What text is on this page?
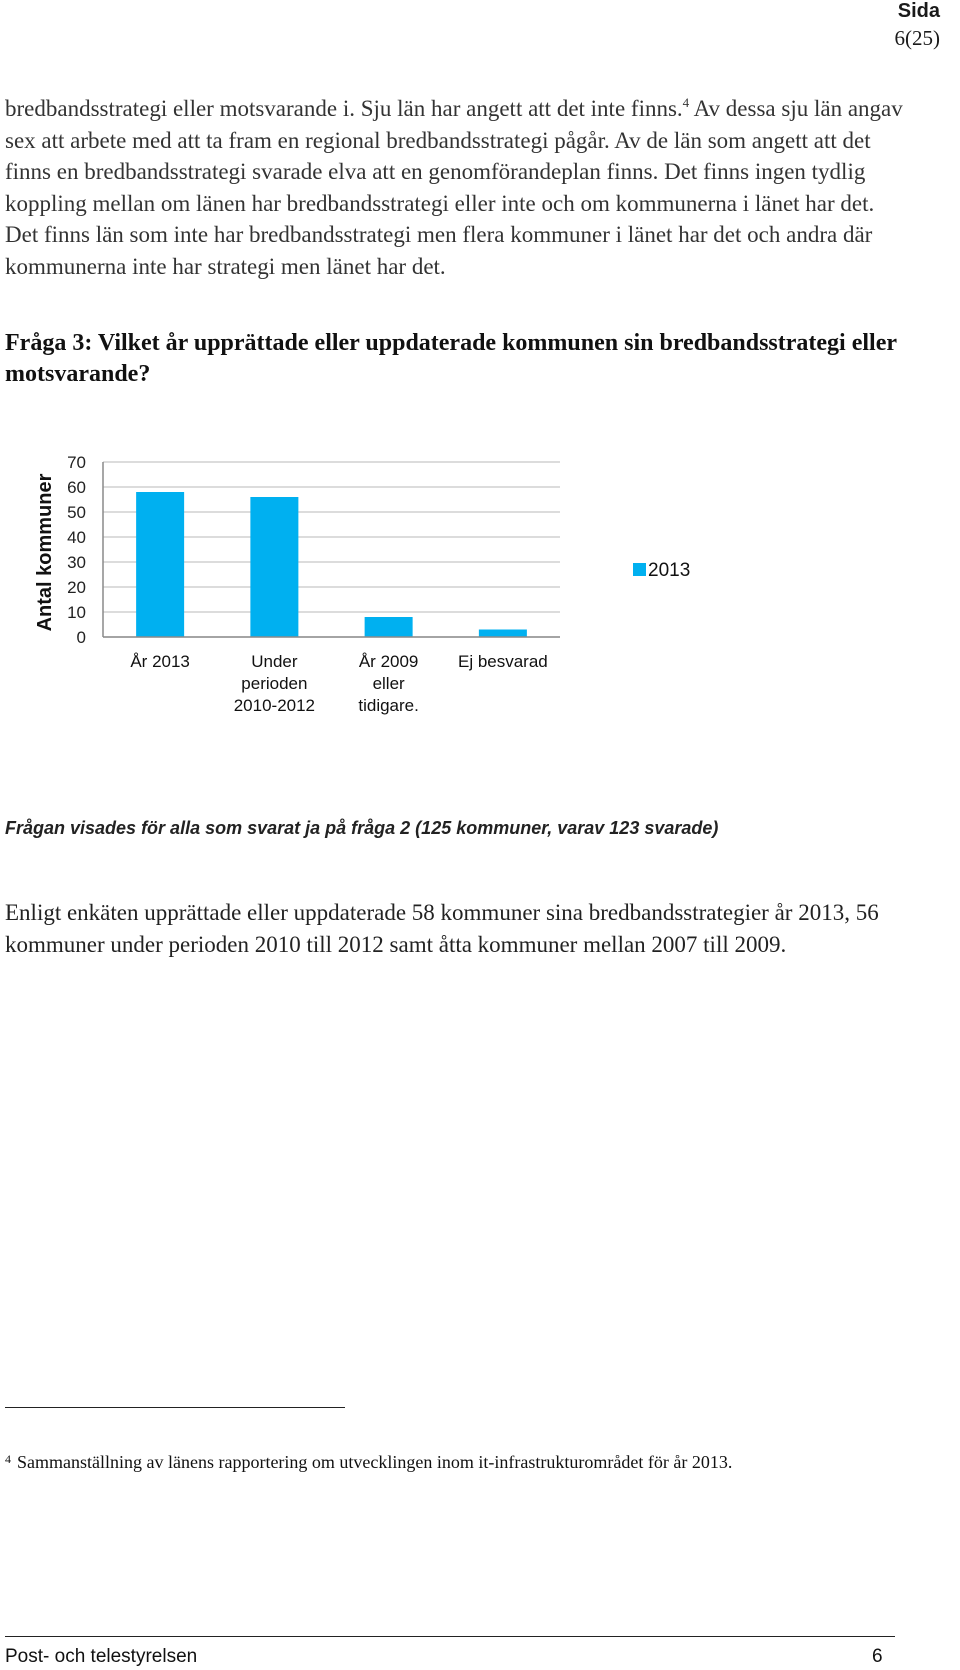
Sida
6(25)

bredbandsstrategi eller motsvarande i. Sju län har angett att det inte finns.$^4$ Av dessa sju län angav sex att arbete med att ta fram en regional bredbandsstrategi pågår. Av de län som angett att det finns en bredbandsstrategi svarade elva att en genomförandeplan finns. Det finns ingen tydlig koppling mellan om länen har bredbandsstrategi eller inte och om kommunerna i länet har det. Det finns län som inte har bredbandsstrategi men flera kommuner i länet har det och andra där kommunerna inte har strategi men länet har det.

Fråga 3: Vilket år upprättade eller uppdaterade kommunen sin bredbandsstrategi eller motsvarande?
0
10
20
30
40
50
60
70
Antal kommuner
År 2013	Under
perioden
2010-2012
År 2009
eller
tidigare.
Ej besvarad
2013
Frågan visades för alla som svarat ja på fråga 2 (125 kommuner, varav 123 svarade)

Enligt enkäten upprättade eller uppdaterade 58 kommuner sina bredbandsstrategier år 2013, 56 kommuner under perioden 2010 till 2012 samt åtta kommuner mellan 2007 till 2009.

$^4$ Sammanställning av länens rapportering om utvecklingen inom it-infrastrukturområdet för år 2013.
Post- och telestyrelsen	6
